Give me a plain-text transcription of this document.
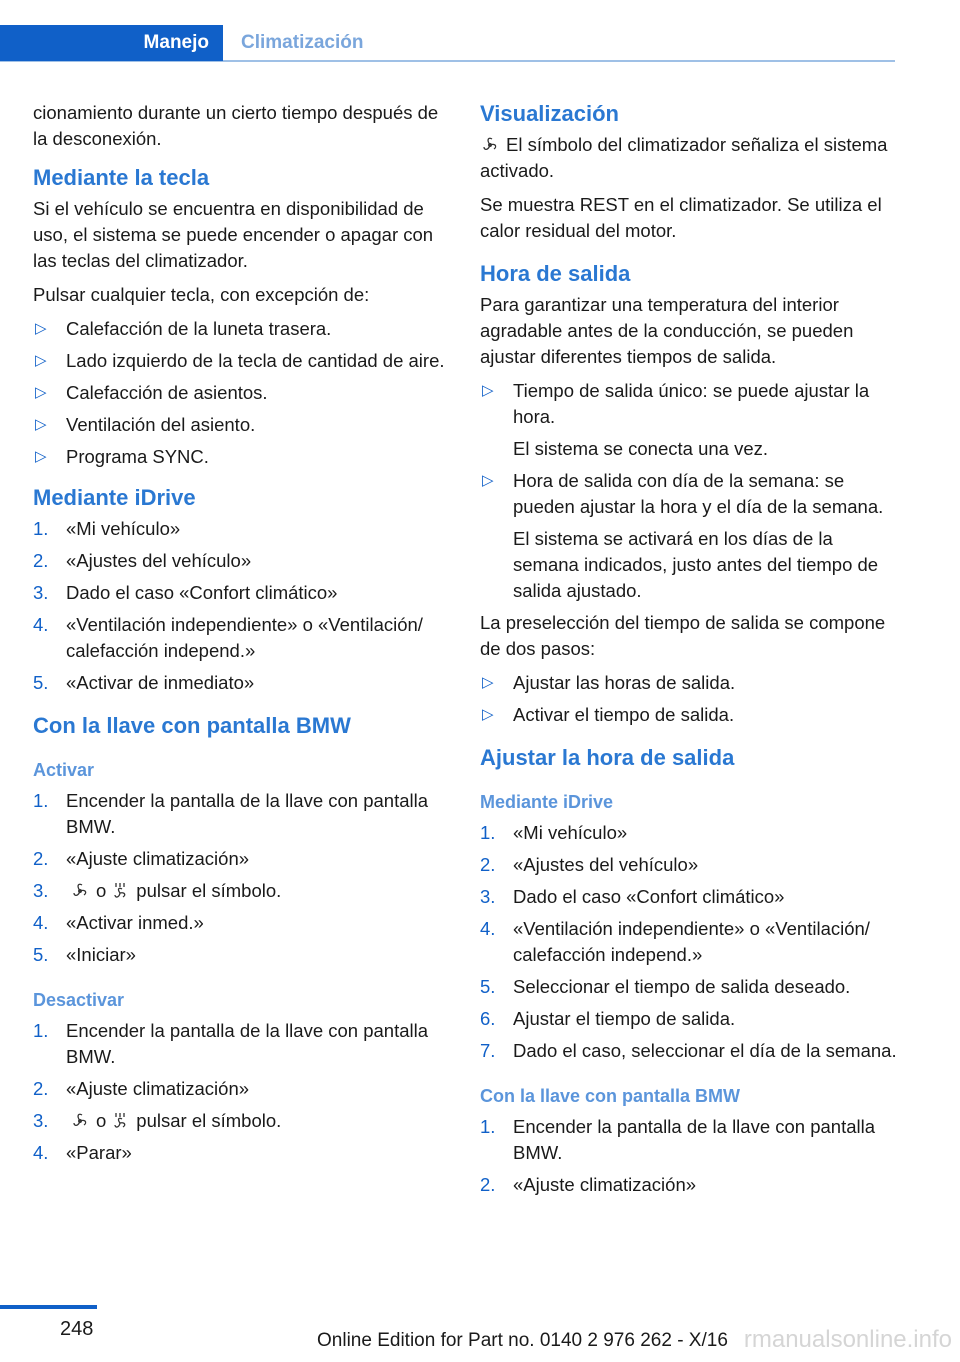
Manejo	Climatización

cionamiento durante un cierto tiempo después de la desconexión.

Mediante la tecla

Si el vehículo se encuentra en disponibilidad de uso, el sistema se puede encender o apagar con las teclas del climatizador.

Pulsar cualquier tecla, con excepción de:

▷ Calefacción de la luneta trasera.
▷ Lado izquierdo de la tecla de cantidad de aire.
▷ Calefacción de asientos.
▷ Ventilación del asiento.
▷ Programa SYNC.
Mediante iDrive
1. «Mi vehículo»
2. «Ajustes del vehículo»
3. Dado el caso «Confort climático»
4. «Ventilación independiente» o «Ventilación/ calefacción independ.»
5. «Activar de inmediato»
Con la llave con pantalla BMW
Activar
1. Encender la pantalla de la llave con pantalla BMW.
2. «Ajuste climatización»
3.	o pulsar el símbolo.
4. «Activar inmed.»
5. «Iniciar»
Desactivar
1. Encender la pantalla de la llave con pantalla BMW.
2. «Ajuste climatización»
3.	o pulsar el símbolo.
4. «Parar»
Visualización

El símbolo del climatizador señaliza el sistema activado.

Se muestra REST en el climatizador. Se utiliza el calor residual del motor.

Hora de salida

Para garantizar una temperatura del interior agradable antes de la conducción, se pueden ajustar diferentes tiempos de salida.

▷ Tiempo de salida único: se puede ajustar la hora.
El sistema se conecta una vez.
▷ Hora de salida con día de la semana: se pueden ajustar la hora y el día de la semana.
El sistema se activará en los días de la semana indicados, justo antes del tiempo de salida ajustado.

La preselección del tiempo de salida se compone de dos pasos:

▷ Ajustar las horas de salida.
▷ Activar el tiempo de salida.
Ajustar la hora de salida
Mediante iDrive
1. «Mi vehículo»
2. «Ajustes del vehículo»
3. Dado el caso «Confort climático»
4. «Ventilación independiente» o «Ventilación/ calefacción independ.»
5. Seleccionar el tiempo de salida deseado.
6. Ajustar el tiempo de salida.
7. Dado el caso, seleccionar el día de la semana.
Con la llave con pantalla BMW
1. Encender la pantalla de la llave con pantalla BMW.
2. «Ajuste climatización»
248
Online Edition for Part no. 0140 2 976 262 - X/16 rmanualsonline.info
